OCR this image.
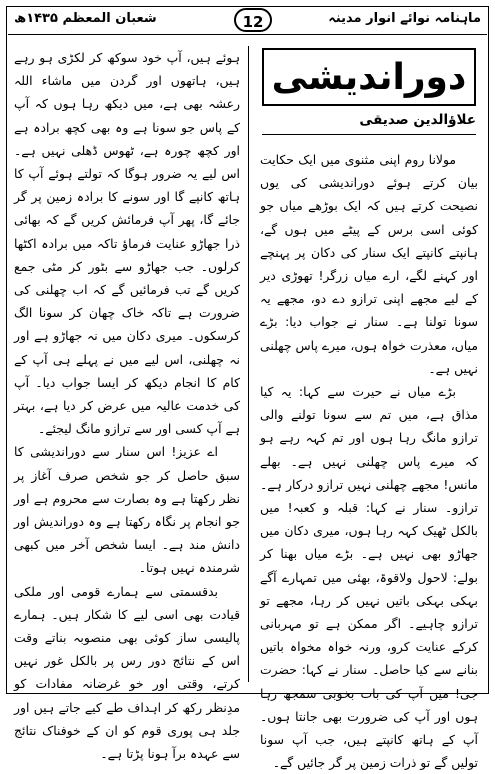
ماہنامہ نوائے انوار مدینہ
12
شعبان المعظم ۱۴۳۵ھ
دوراندیشی
علاؤالدین صدیقی

مولانا روم اپنی مثنوی میں ایک حکایت بیان کرتے ہوئے دوراندیشی کی یوں نصیحت کرتے ہیں کہ ایک بوڑھے میاں جو کوئی اسی برس کے پیٹے میں ہوں گے، ہانپتے کانپتے ایک سنار کی دکان پر پہنچے اور کہنے لگے، ارے میاں زرگر! تھوڑی دیر کے لیے مجھے اپنی ترازو دے دو، مجھے یہ سونا تولنا ہے۔ سنار نے جواب دیا: بڑے میاں، معذرت خواہ ہوں، میرے پاس چھلنی نہیں ہے۔

بڑے میاں نے حیرت سے کہا: یہ کیا مذاق ہے، میں تم سے سونا تولنے والی ترازو مانگ رہا ہوں اور تم کہہ رہے ہو کہ میرے پاس چھلنی نہیں ہے۔ بھلے مانس! مجھے چھلنی نہیں ترازو درکار ہے۔ ترازو۔ سنار نے کہا: قبلہ و کعبہ! میں بالکل ٹھیک کہہ رہا ہوں، میری دکان میں جھاڑو بھی نہیں ہے۔ بڑے میاں بھنا کر بولے: لاحول ولاقوۃ، بھئی میں تمہارے آگے بہکی بہکی باتیں نہیں کر رہا، مجھے تو ترازو چاہیے۔ اگر ممکن ہے تو مہربانی کرکے عنایت کرو، ورنہ خواہ مخواہ باتیں بنانے سے کیا حاصل۔ سنار نے کہا: حضرت جی! میں آپ کی بات بخوبی سمجھ رہا ہوں اور آپ کی ضرورت بھی جانتا ہوں۔ آپ کے ہاتھ کانپتے ہیں، جب آپ سونا تولیں گے تو ذرات زمین پر گر جائیں گے۔

ہوئے ہیں، آپ خود سوکھ کر لکڑی ہو رہے ہیں، ہاتھوں اور گردن میں ماشاء اللہ رعشہ بھی ہے، میں دیکھ رہا ہوں کہ آپ کے پاس جو سونا ہے وہ بھی کچھ برادہ ہے اور کچھ چورہ ہے، ٹھوس ڈھلی نہیں ہے۔ اس لیے یہ ضرور ہوگا کہ تولتے ہوئے آپ کا ہاتھ کانپے گا اور سونے کا برادہ زمین پر گر جائے گا، پھر آپ فرمائش کریں گے کہ بھائی ذرا جھاڑو عنایت فرماؤ تاکہ میں برادہ اکٹھا کرلوں۔ جب جھاڑو سے بٹور کر مٹی جمع کریں گے تب فرمائیں گے کہ اب چھلنی کی ضرورت ہے تاکہ خاک چھان کر سونا الگ کرسکوں۔ میری دکان میں نہ جھاڑو ہے اور نہ چھلنی، اس لیے میں نے پہلے ہی آپ کے کام کا انجام دیکھ کر ایسا جواب دیا۔ آپ کی خدمت عالیہ میں عرض کر دیا ہے، بہتر ہے آپ کسی اور سے ترازو مانگ لیجئے۔

اے عزیز! اس سنار سے دوراندیشی کا سبق حاصل کر جو شخص صرف آغاز پر نظر رکھتا ہے وہ بصارت سے محروم ہے اور جو انجام پر نگاہ رکھتا ہے وہ دوراندیش اور دانش مند ہے۔ ایسا شخص آخر میں کبھی شرمندہ نہیں ہوتا۔

بدقسمتی سے ہمارے قومی اور ملکی قیادت بھی اسی لیے کا شکار ہیں۔ ہمارے پالیسی ساز کوئی بھی منصوبہ بناتے وقت اس کے نتائج دور رس پر بالکل غور نہیں کرتے، وقتی اور خو غرضانہ مفادات کو مدِنظر رکھ کر اہداف طے کیے جاتے ہیں اور جلد ہی پوری قوم کو ان کے خوفناک نتائج سے عہدہ برآ ہونا پڑتا ہے۔
